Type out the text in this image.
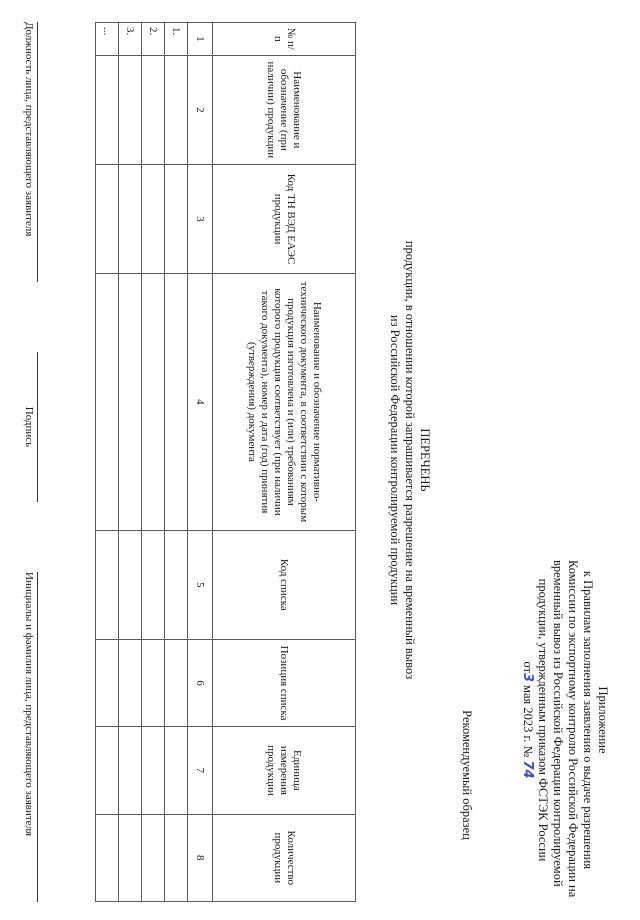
Приложение
к Правилам заполнения заявления о выдаче разрешения
Комиссии по экспортному контролю Российской Федерации на
временный вывоз из Российской Федерации контролируемой
продукции, утвержденным приказом ФСТЭК России
от3 мая 2023 г. № 74
Рекомендуемый образец
ПЕРЕЧЕНЬ
продукции, в отношении которой запрашивается разрешение на временный вывоз
из Российской Федерации контролируемой продукции
№ п/п	Наименование и обозначение (при наличии) продукции	Код ТН ВЭД ЕАЭС продукции	Наименование и обозначение нормативно-технического документа, в соответствии с которым продукция изготовлена и (или) требованиям которого продукция соответствует (при наличии такого документа), номер и дата (год) принятия (утверждения) документа	Код списка	Позиция списка	Единица измерения продукции	Количество продукции
1	2	3	4	5	6	7	8
1.							
2.							
3.							
...							
Должность лица, представляющего заявителя
Подпись
Инициалы и фамилия лица, представляющего заявителя
